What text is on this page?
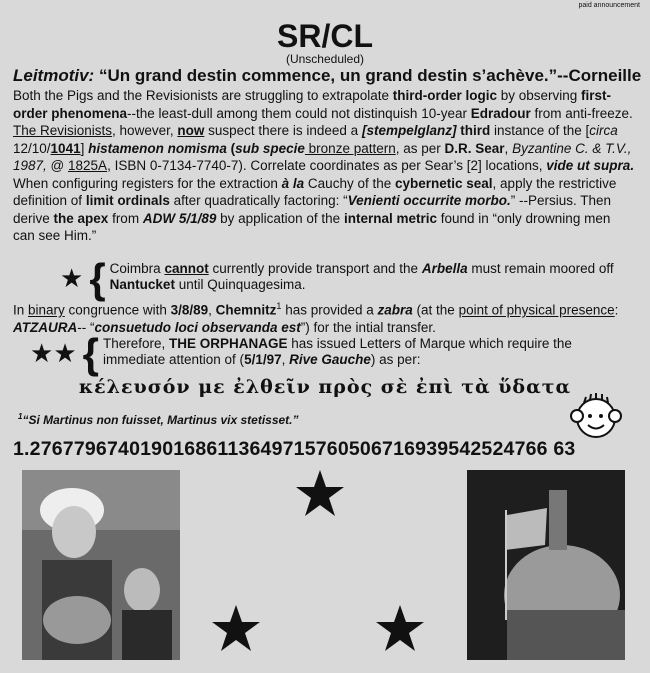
paid announcement
SR/CL
(Unscheduled)
Leitmotiv: “Un grand destin commence, un grand destin s’achève.”--Corneille
Both the Pigs and the Revisionists are struggling to extrapolate third-order logic by observing first-order phenomena--the least-dull among them could not distinquish 10-year Edradour from anti-freeze. The Revisionists, however, now suspect there is indeed a [stempelglanz] third instance of the [circa 12/10/1041] histamenon nomisma (sub specie bronze pattern, as per D.R. Sear, Byzantine C. & T.V., 1987, @ 1825A, ISBN 0-7134-7740-7). Correlate coordinates as per Sear’s [2] locations, vide ut supra. When configuring registers for the extraction à la Cauchy of the cybernetic seal, apply the restrictive definition of limit ordinals after quadratically factoring: “Venienti occurrite morbo.” --Persius. Then derive the apex from ADW 5/1/89 by application of the internal metric found in “only drowning men can see Him.”
★ { Coimbra cannot currently provide transport and the Arbella must remain moored off Nantucket until Quinquagesima.
In binary congruence with 3/8/89, Chemnitz$^1$ has provided a zabra (at the point of physical presence: ATZAURA-- “consuetudo loci observanda est”) for the intial transfer.
★ ★ { Therefore, THE ORPHANAGE has issued Letters of Marque which require the immediate attention of (5/1/97, Rive Gauche) as per:
κέλευσόν με ἐλθεῖν πρὸς σὲ ἐπὶ τὰ ὕδατα
$^1$“Si Martinus non fuisset, Martinus vix stetisset.”
1.27677967401901686113649715760506716939542524766 63
